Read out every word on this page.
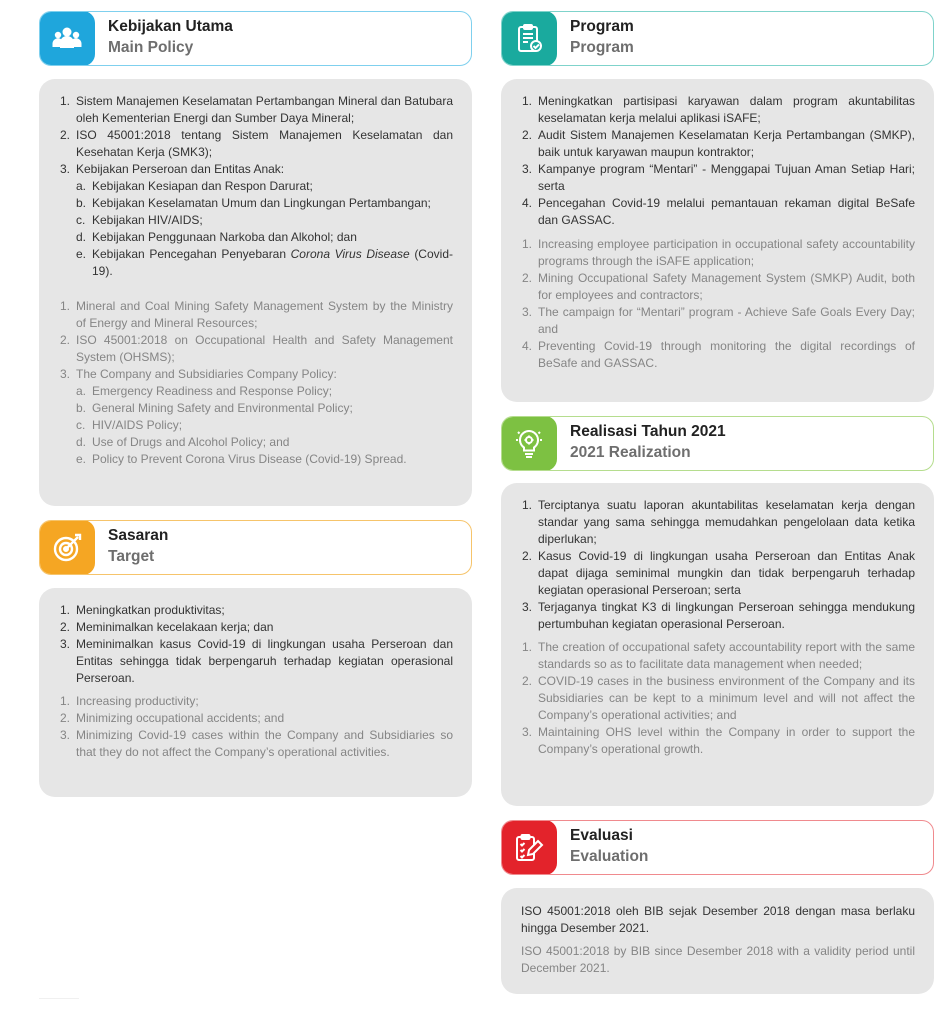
Kebijakan Utama
Main Policy
1. Sistem Manajemen Keselamatan Pertambangan Mineral dan Batubara oleh Kementerian Energi dan Sumber Daya Mineral;
2. ISO 45001:2018 tentang Sistem Manajemen Keselamatan dan Kesehatan Kerja (SMK3);
3. Kebijakan Perseroan dan Entitas Anak:
a. Kebijakan Kesiapan dan Respon Darurat;
b. Kebijakan Keselamatan Umum dan Lingkungan Pertambangan;
c. Kebijakan HIV/AIDS;
d. Kebijakan Penggunaan Narkoba dan Alkohol; dan
e. Kebijakan Pencegahan Penyebaran Corona Virus Disease (Covid-19).
1. Mineral and Coal Mining Safety Management System by the Ministry of Energy and Mineral Resources;
2. ISO 45001:2018 on Occupational Health and Safety Management System (OHSMS);
3. The Company and Subsidiaries Company Policy:
a. Emergency Readiness and Response Policy;
b. General Mining Safety and Environmental Policy;
c. HIV/AIDS Policy;
d. Use of Drugs and Alcohol Policy; and
e. Policy to Prevent Corona Virus Disease (Covid-19) Spread.
Sasaran
Target
1. Meningkatkan produktivitas;
2. Meminimalkan kecelakaan kerja; dan
3. Meminimalkan kasus Covid-19 di lingkungan usaha Perseroan dan Entitas sehingga tidak berpengaruh terhadap kegiatan operasional Perseroan.
1. Increasing productivity;
2. Minimizing occupational accidents; and
3. Minimizing Covid-19 cases within the Company and Subsidiaries so that they do not affect the Company’s operational activities.
Program
Program
1. Meningkatkan partisipasi karyawan dalam program akuntabilitas keselamatan kerja melalui aplikasi iSAFE;
2. Audit Sistem Manajemen Keselamatan Kerja Pertambangan (SMKP), baik untuk karyawan maupun kontraktor;
3. Kampanye program “Mentari” - Menggapai Tujuan Aman Setiap Hari; serta
4. Pencegahan Covid-19 melalui pemantauan rekaman digital BeSafe dan GASSAC.
1. Increasing employee participation in occupational safety accountability programs through the iSAFE application;
2. Mining Occupational Safety Management System (SMKP) Audit, both for employees and contractors;
3. The campaign for “Mentari” program - Achieve Safe Goals Every Day; and
4. Preventing Covid-19 through monitoring the digital recordings of BeSafe and GASSAC.
Realisasi Tahun 2021
2021 Realization
1. Terciptanya suatu laporan akuntabilitas keselamatan kerja dengan standar yang sama sehingga memudahkan pengelolaan data ketika diperlukan;
2. Kasus Covid-19 di lingkungan usaha Perseroan dan Entitas Anak dapat dijaga seminimal mungkin dan tidak berpengaruh terhadap kegiatan operasional Perseroan; serta
3. Terjaganya tingkat K3 di lingkungan Perseroan sehingga mendukung pertumbuhan kegiatan operasional Perseroan.
1. The creation of occupational safety accountability report with the same standards so as to facilitate data management when needed;
2. COVID-19 cases in the business environment of the Company and its Subsidiaries can be kept to a minimum level and will not affect the Company’s operational activities; and
3. Maintaining OHS level within the Company in order to support the Company’s operational growth.
Evaluasi
Evaluation

ISO 45001:2018 oleh BIB sejak Desember 2018 dengan masa berlaku hingga Desember 2021.

ISO 45001:2018 by BIB since Desember 2018 with a validity period until December 2021.
